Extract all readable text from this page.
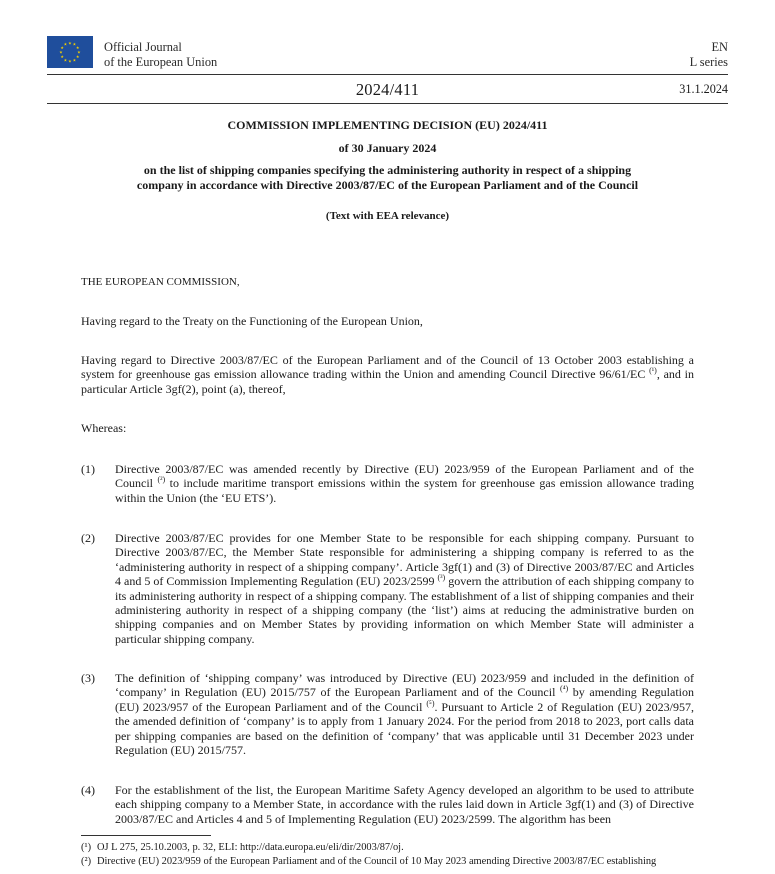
★ ★
★
★
★
★
★
★
★
★
★
★	Official Journal
of the European Union
EN
L series
2024/411	31.1.2024
COMMISSION IMPLEMENTING DECISION (EU) 2024/411
of 30 January 2024
on the list of shipping companies specifying the administering authority in respect of a shipping
company in accordance with Directive 2003/87/EC of the European Parliament and of the Council
(Text with EEA relevance)
THE EUROPEAN COMMISSION,
Having regard to the Treaty on the Functioning of the European Union,
Having regard to Directive 2003/87/EC of the European Parliament and of the Council of 13 October 2003 establishing a system for greenhouse gas emission allowance trading within the Union and amending Council Directive 96/61/EC $^{(^1)}$, and in particular Article 3gf(2), point (a), thereof,
Whereas:
(1) Directive 2003/87/EC was amended recently by Directive (EU) 2023/959 of the European Parliament and of the Council $^{(^2)}$ to include maritime transport emissions within the system for greenhouse gas emission allowance trading within the Union (the ‘EU ETS’).
(2) Directive 2003/87/EC provides for one Member State to be responsible for each shipping company. Pursuant to Directive 2003/87/EC, the Member State responsible for administering a shipping company is referred to as the ‘administering authority in respect of a shipping company’. Article 3gf(1) and (3) of Directive 2003/87/EC and Articles 4 and 5 of Commission Implementing Regulation (EU) 2023/2599 $^{(^3)}$ govern the attribution of each shipping company to its administering authority in respect of a shipping company. The establishment of a list of shipping companies and their administering authority in respect of a shipping company (the ‘list’) aims at reducing the administrative burden on shipping companies and on Member States by providing information on which Member State will administer a particular shipping company.
(3) The definition of ‘shipping company’ was introduced by Directive (EU) 2023/959 and included in the definition of ‘company’ in Regulation (EU) 2015/757 of the European Parliament and of the Council $^{(^4)}$ by amending Regulation (EU) 2023/957 of the European Parliament and of the Council $^{(^5)}$. Pursuant to Article 2 of Regulation (EU) 2023/957, the amended definition of ‘company’ is to apply from 1 January 2024. For the period from 2018 to 2023, port calls data per shipping companies are based on the definition of ‘company’ that was applicable until 31 December 2023 under Regulation (EU) 2015/757.
(4) For the establishment of the list, the European Maritime Safety Agency developed an algorithm to be used to attribute each shipping company to a Member State, in accordance with the rules laid down in Article 3gf(1) and (3) of Directive 2003/87/EC and Articles 4 and 5 of Implementing Regulation (EU) 2023/2599. The algorithm has been
(¹) OJ L 275, 25.10.2003, p. 32, ELI: http://data.europa.eu/eli/dir/2003/87/oj.
(²) Directive (EU) 2023/959 of the European Parliament and of the Council of 10 May 2023 amending Directive 2003/87/EC establishing
